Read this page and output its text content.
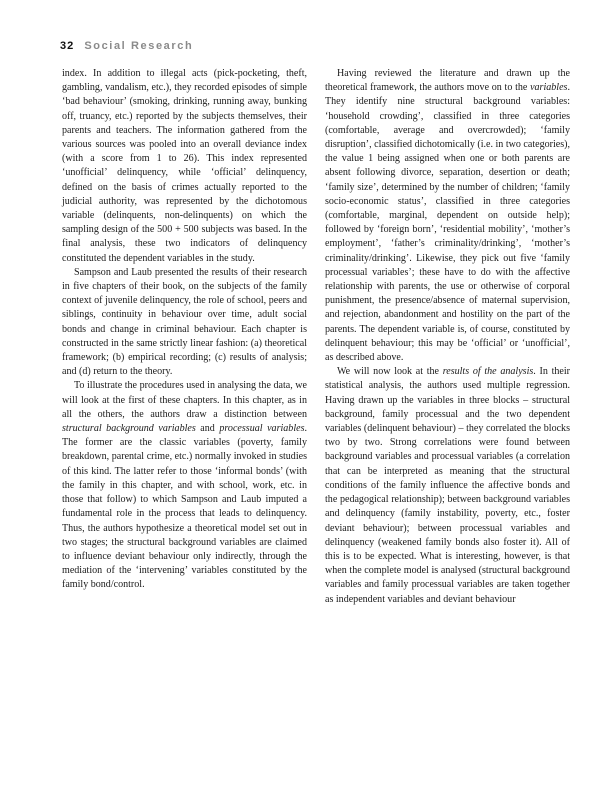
32 Social Research

index. In addition to illegal acts (pick-pocketing, theft, gambling, vandalism, etc.), they recorded episodes of simple ‘bad behaviour’ (smoking, drinking, running away, bunking off, truancy, etc.) reported by the subjects themselves, their parents and teachers. The information gathered from the various sources was pooled into an overall deviance index (with a score from 1 to 26). This index represented ‘unofficial’ delinquency, while ‘official’ delinquency, defined on the basis of crimes actually reported to the judicial authority, was represented by the dichotomous variable (delinquents, non-delinquents) on which the sampling design of the 500 + 500 subjects was based. In the final analysis, these two indicators of delinquency constituted the dependent variables in the study.

Sampson and Laub presented the results of their research in five chapters of their book, on the subjects of the family context of juvenile delinquency, the role of school, peers and siblings, continuity in behaviour over time, adult social bonds and change in criminal behaviour. Each chapter is constructed in the same strictly linear fashion: (a) theoretical framework; (b) empirical recording; (c) results of analysis; and (d) return to the theory.

To illustrate the procedures used in analysing the data, we will look at the first of these chapters. In this chapter, as in all the others, the authors draw a distinction between structural background variables and processual variables. The former are the classic variables (poverty, family breakdown, parental crime, etc.) normally invoked in studies of this kind. The latter refer to those ‘informal bonds’ (with the family in this chapter, and with school, work, etc. in those that follow) to which Sampson and Laub imputed a fundamental role in the process that leads to delinquency. Thus, the authors hypothesize a theoretical model set out in two stages; the structural background variables are claimed to influence deviant behaviour only indirectly, through the mediation of the ‘intervening’ variables constituted by the family bond/control.

Having reviewed the literature and drawn up the theoretical framework, the authors move on to the variables. They identify nine structural background variables: ‘household crowding’, classified in three categories (comfortable, average and overcrowded); ‘family disruption’, classified dichotomically (i.e. in two categories), the value 1 being assigned when one or both parents are absent following divorce, separation, desertion or death; ‘family size’, determined by the number of children; ‘family socio-economic status’, classified in three categories (comfortable, marginal, dependent on outside help); followed by ‘foreign born’, ‘residential mobility’, ‘mother’s employment’, ‘father’s criminality/drinking’, ‘mother’s criminality/drinking’. Likewise, they pick out five ‘family processual variables’; these have to do with the affective relationship with parents, the use or otherwise of corporal punishment, the presence/absence of maternal supervision, and rejection, abandonment and hostility on the part of the parents. The dependent variable is, of course, constituted by delinquent behaviour; this may be ‘official’ or ‘unofficial’, as described above.

We will now look at the results of the analysis. In their statistical analysis, the authors used multiple regression. Having drawn up the variables in three blocks – structural background, family processual and the two dependent variables (delinquent behaviour) – they correlated the blocks two by two. Strong correlations were found between background variables and processual variables (a correlation that can be interpreted as meaning that the structural conditions of the family influence the affective bonds and the pedagogical relationship); between background variables and delinquency (family instability, poverty, etc., foster deviant behaviour); between processual variables and delinquency (weakened family bonds also foster it). All of this is to be expected. What is interesting, however, is that when the complete model is analysed (structural background variables and family processual variables are taken together as independent variables and deviant behaviour
